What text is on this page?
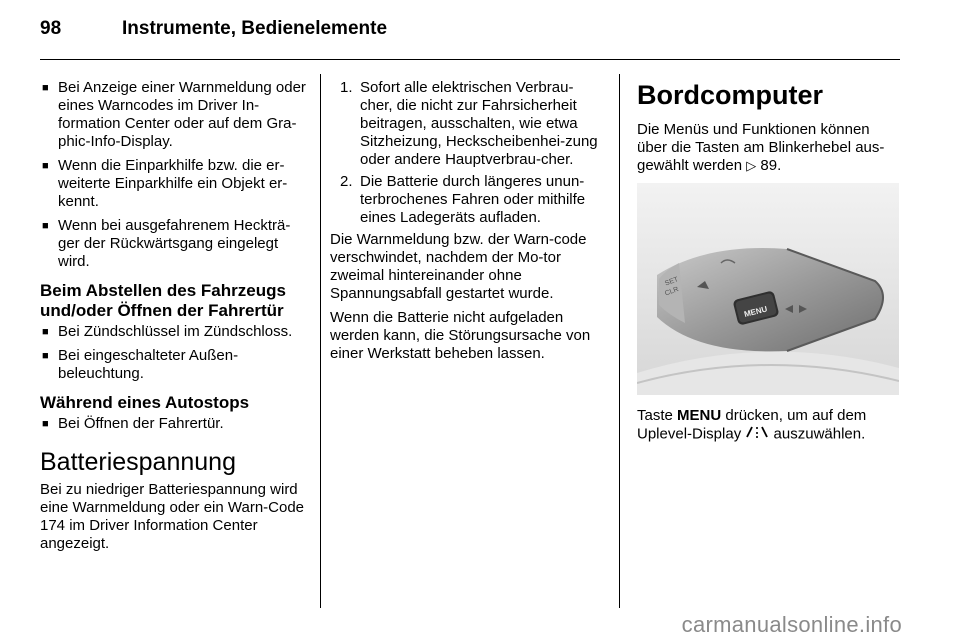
98	Instrumente, Bedienelemente
■ Bei Anzeige einer Warnmeldung oder eines Warncodes im Driver In-formation Center oder auf dem Gra-phic-Info-Display.
■ Wenn die Einparkhilfe bzw. die er-weiterte Einparkhilfe ein Objekt er-kennt.
■ Wenn bei ausgefahrenem Heckträ-ger der Rückwärtsgang eingelegt wird.
Beim Abstellen des Fahrzeugs und/oder Öffnen der Fahrertür
■ Bei Zündschlüssel im Zündschloss.
■ Bei eingeschalteter Außen-beleuchtung.
Während eines Autostops
■ Bei Öffnen der Fahrertür.
Batteriespannung

Bei zu niedriger Batteriespannung wird eine Warnmeldung oder ein Warn-Code 174 im Driver Information Center angezeigt.

1. Sofort alle elektrischen Verbrau-cher, die nicht zur Fahrsicherheit beitragen, ausschalten, wie etwa Sitzheizung, Heckscheibenhei-zung oder andere Hauptverbrau-cher.
2. Die Batterie durch längeres unun-terbrochenes Fahren oder mithilfe eines Ladegeräts aufladen.

Die Warnmeldung bzw. der Warn-code verschwindet, nachdem der Mo-tor zweimal hintereinander ohne Spannungsabfall gestartet wurde.

Wenn die Batterie nicht aufgeladen werden kann, die Störungsursache von einer Werkstatt beheben lassen.

Bordcomputer

Die Menüs und Funktionen können über die Tasten am Blinkerhebel aus-gewählt werden ▷ 89.

MENU
SET
CLR

Taste MENU drücken, um auf dem Uplevel-Display auszuwählen.

carmanualsonline.info
